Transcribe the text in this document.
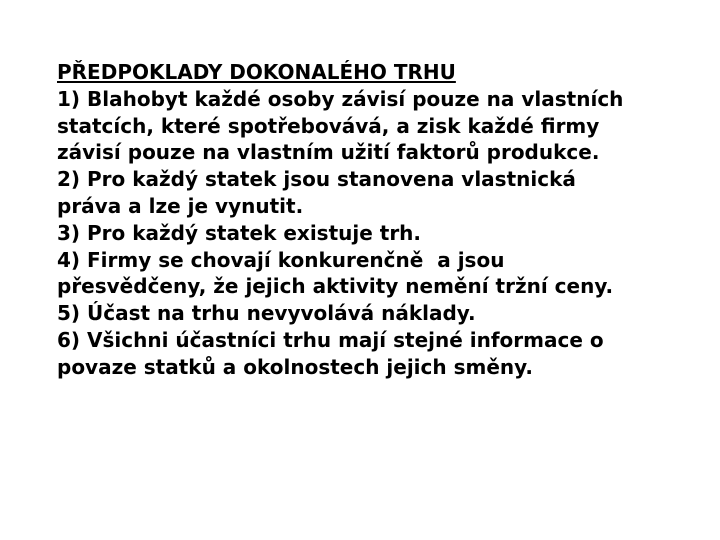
PŘEDPOKLADY DOKONALÉHO TRHU
1) Blahobyt každé osoby závisí pouze na vlastních
statcích, které spotřebovává, a zisk každé firmy
závisí pouze na vlastním užití faktorů produkce.
2) Pro každý statek jsou stanovena vlastnická
práva a lze je vynutit.
3) Pro každý statek existuje trh.
4) Firmy se chovají konkurenčně  a jsou
přesvědčeny, že jejich aktivity nemění tržní ceny.
5) Účast na trhu nevyvolává náklady.
6) Všichni účastníci trhu mají stejné informace o
povaze statků a okolnostech jejich směny.
